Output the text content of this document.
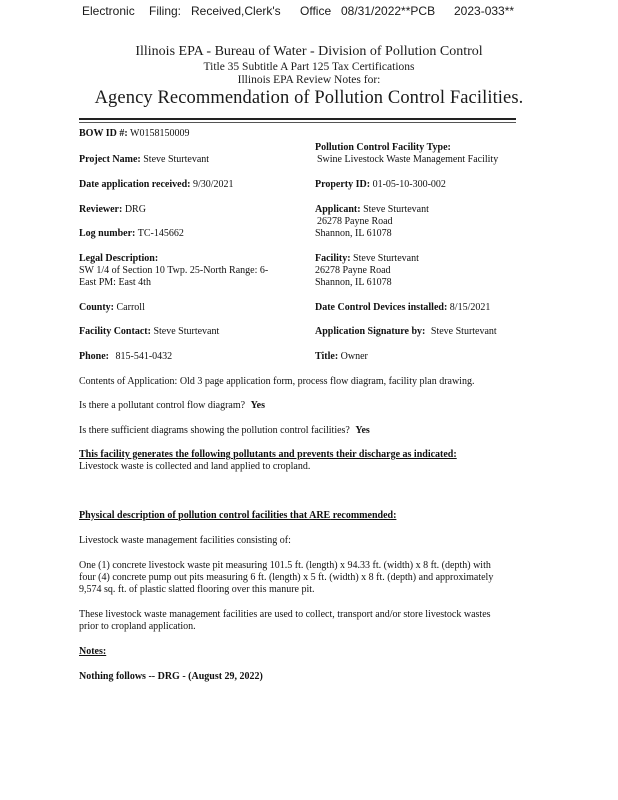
Electronic Filing: Received,Clerk's Office 08/31/2022**PCB 2023-033**
Illinois EPA - Bureau of Water - Division of Pollution Control
Title 35 Subtitle A Part 125 Tax Certifications
Illinois EPA Review Notes for:
Agency Recommendation of Pollution Control Facilities.
BOW ID #: W0158150009
Project Name: Steve Sturtevant
Date application received: 9/30/2021
Reviewer: DRG
Log number: TC-145662
Legal Description:
SW 1/4 of Section 10 Twp. 25-North Range: 6-
East PM: East 4th
County: Carroll
Facility Contact: Steve Sturtevant
Phone: 815-541-0432
Pollution Control Facility Type:
Swine Livestock Waste Management Facility
Property ID: 01-05-10-300-002
Applicant: Steve Sturtevant
26278 Payne Road
Shannon, IL 61078
Facility: Steve Sturtevant
26278 Payne Road
Shannon, IL 61078
Date Control Devices installed: 8/15/2021
Application Signature by: Steve Sturtevant
Title: Owner
Contents of Application: Old 3 page application form, process flow diagram, facility plan drawing.
Is there a pollutant control flow diagram? Yes
Is there sufficient diagrams showing the pollution control facilities? Yes
This facility generates the following pollutants and prevents their discharge as indicated:
Livestock waste is collected and land applied to cropland.
Physical description of pollution control facilities that ARE recommended:
Livestock waste management facilities consisting of:
One (1) concrete livestock waste pit measuring 101.5 ft. (length) x 94.33 ft. (width) x 8 ft. (depth) with
four (4) concrete pump out pits measuring 6 ft. (length) x 5 ft. (width) x 8 ft. (depth) and approximately
9,574 sq. ft. of plastic slatted flooring over this manure pit.
These livestock waste management facilities are used to collect, transport and/or store livestock wastes
prior to cropland application.
Notes:
Nothing follows -- DRG - (August 29, 2022)
